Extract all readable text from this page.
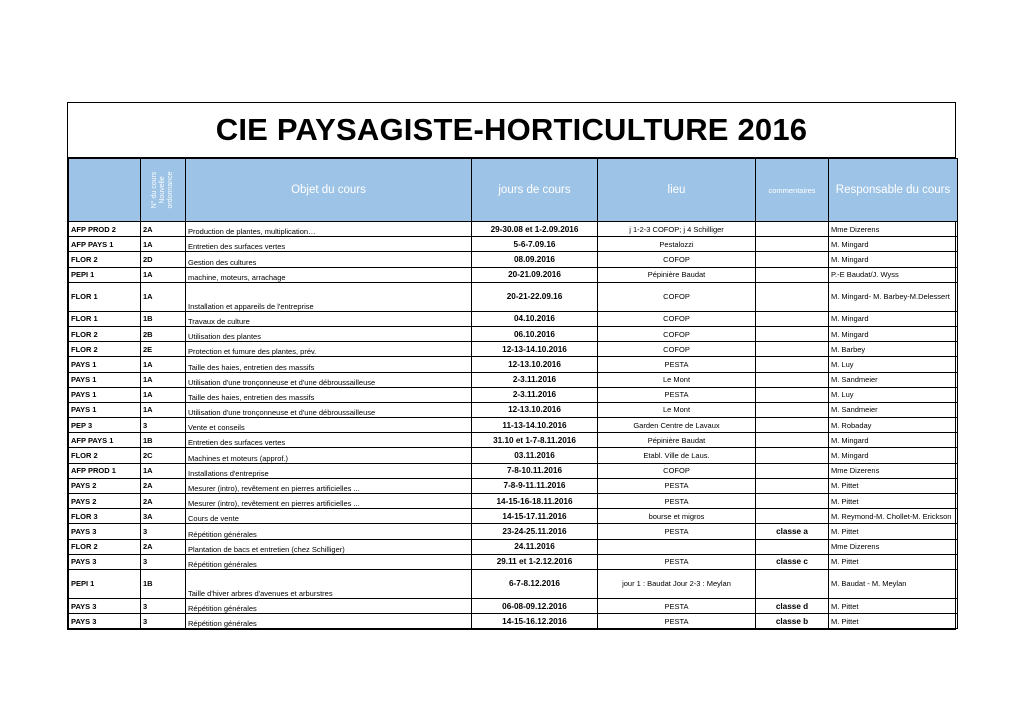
CIE PAYSAGISTE-HORTICULTURE 2016

	N° du cours Nouvelle ordonnance	Objet du cours	jours de cours	lieu	commentaires	Responsable du cours
AFP PROD 2	2A	Production de plantes, multiplication…	29-30.08 et 1-2.09.2016	j 1-2-3 COFOP; j 4 Schilliger		Mme Dizerens
AFP PAYS 1	1A	Entretien des surfaces vertes	5-6-7.09.16	Pestalozzi		M. Mingard
FLOR 2	2D	Gestion des cultures	08.09.2016	COFOP		M. Mingard
PEPI 1	1A	machine, moteurs, arrachage	20-21.09.2016	Pépinière Baudat		P.-E Baudat/J. Wyss
FLOR 1	1A	Installation et appareils de l'entreprise	20-21-22.09.16	COFOP		M. Mingard- M. Barbey-M.Delessert
FLOR 1	1B	Travaux de culture	04.10.2016	COFOP		M. Mingard
FLOR 2	2B	Utilisation des plantes	06.10.2016	COFOP		M. Mingard
FLOR 2	2E	Protection et fumure des plantes, prév.	12-13-14.10.2016	COFOP		M. Barbey
PAYS 1	1A	Taille des haies, entretien des massifs	12-13.10.2016	PESTA		M. Luy
PAYS 1	1A	Utilisation d'une tronçonneuse et d'une débroussailleuse	2-3.11.2016	Le Mont		M. Sandmeier
PAYS 1	1A	Taille des haies, entretien des massifs	2-3.11.2016	PESTA		M. Luy
PAYS 1	1A	Utilisation d'une tronçonneuse et d'une débroussailleuse	12-13.10.2016	Le Mont		M. Sandmeier
PEP 3	3	Vente et conseils	11-13-14.10.2016	Garden Centre de Lavaux		M. Robaday
AFP PAYS 1	1B	Entretien des surfaces vertes	31.10 et 1-7-8.11.2016	Pépinière Baudat		M. Mingard
FLOR 2	2C	Machines et moteurs (approf.)	03.11.2016	Etabl. Ville de Laus.		M. Mingard
AFP PROD 1	1A	Installations d'entreprise	7-8-10.11.2016	COFOP		Mme Dizerens
PAYS 2	2A	Mesurer (intro), revêtement en pierres artificielles ...	7-8-9-11.11.2016	PESTA		M. Pittet
PAYS 2	2A	Mesurer (intro), revêtement en pierres artificielles ...	14-15-16-18.11.2016	PESTA		M. Pittet
FLOR 3	3A	Cours de vente	14-15-17.11.2016	bourse et migros		M. Reymond-M. Chollet-M. Erickson
PAYS 3	3	Répétition générales	23-24-25.11.2016	PESTA	classe a	M. Pittet
FLOR 2	2A	Plantation de bacs et entretien (chez Schilliger)	24.11.2016			Mme Dizerens
PAYS 3	3	Répétition générales	29.11 et 1-2.12.2016	PESTA	classe c	M. Pittet
PEPI 1	1B	Taille d'hiver arbres d'avenues et arburstres	6-7-8.12.2016	jour 1 : Baudat Jour 2-3 : Meylan		M. Baudat - M. Meylan
PAYS 3	3	Répétition générales	06-08-09.12.2016	PESTA	classe d	M. Pittet
PAYS 3	3	Répétition générales	14-15-16.12.2016	PESTA	classe b	M. Pittet
